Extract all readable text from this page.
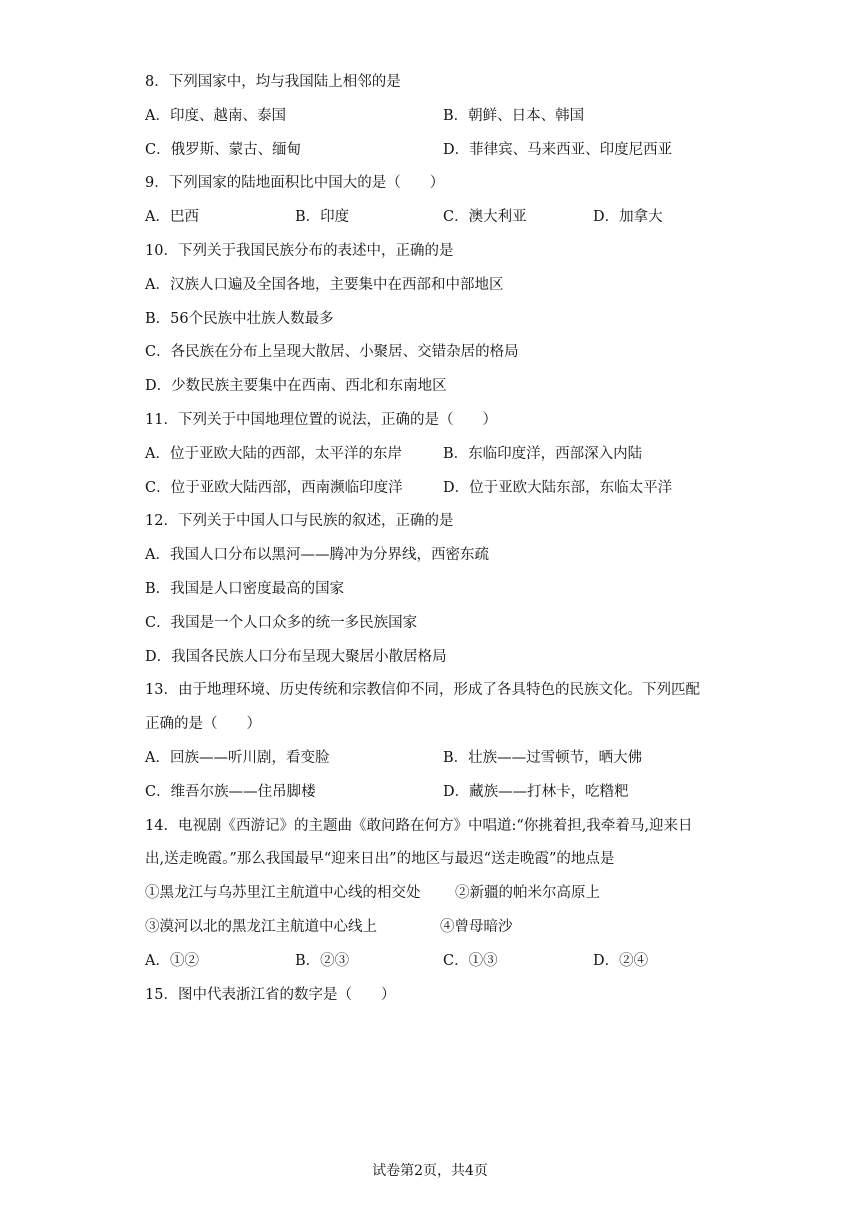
8．下列国家中，均与我国陆上相邻的是
A．印度、越南、泰国	B．朝鲜、日本、韩国
C．俄罗斯、蒙古、缅甸	D．菲律宾、马来西亚、印度尼西亚
9．下列国家的陆地面积比中国大的是（　　）
A．巴西	B．印度	C．澳大利亚	D．加拿大
10．下列关于我国民族分布的表述中，正确的是
A．汉族人口遍及全国各地，主要集中在西部和中部地区
B．56个民族中壮族人数最多
C．各民族在分布上呈现大散居、小聚居、交错杂居的格局
D．少数民族主要集中在西南、西北和东南地区
11．下列关于中国地理位置的说法，正确的是（　　）
A．位于亚欧大陆的西部，太平洋的东岸	B．东临印度洋，西部深入内陆
C．位于亚欧大陆西部，西南濒临印度洋	D．位于亚欧大陆东部，东临太平洋
12．下列关于中国人口与民族的叙述，正确的是
A．我国人口分布以黑河——腾冲为分界线，西密东疏
B．我国是人口密度最高的国家
C．我国是一个人口众多的统一多民族国家
D．我国各民族人口分布呈现大聚居小散居格局
13．由于地理环境、历史传统和宗教信仰不同，形成了各具特色的民族文化。下列匹配
正确的是（　　）
A．回族——听川剧，看变脸	B．壮族——过雪顿节，晒大佛
C．维吾尔族——住吊脚楼	D．藏族——打林卡，吃糌粑
14．电视剧《西游记》的主题曲《敢问路在何方》中唱道:“你挑着担,我牵着马,迎来日
出,送走晚霞。”那么我国最早“迎来日出”的地区与最迟“送走晚霞”的地点是
①黑龙江与乌苏里江主航道中心线的相交处 ②新疆的帕米尔高原上
③漠河以北的黑龙江主航道中心线上	④曾母暗沙
A．①②	B．②③	C．①③	D．②④
15．图中代表浙江省的数字是（　　）
试卷第2页，共4页
